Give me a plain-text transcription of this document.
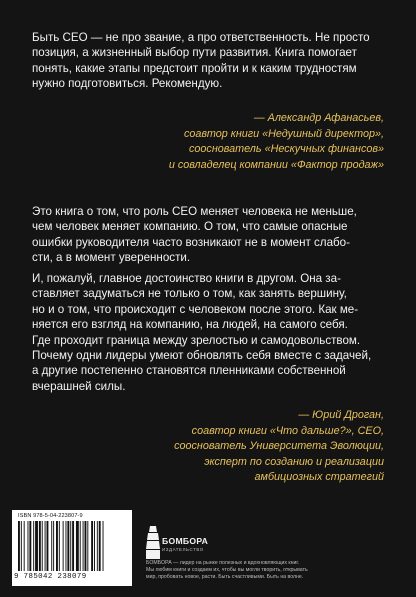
Быть CEO — не про звание, а про ответственность. Не просто
позиция, а жизненный выбор пути развития. Книга помогает
понять, какие этапы предстоит пройти и к каким трудностям
нужно подготовиться. Рекомендую.

— Александр Афанасьев,
соавтор книги «Недушный директор»,
сооснователь «Нескучных финансов»
и совладелец компании «Фактор продаж»

Это книга о том, что роль CEO меняет человека не меньше,
чем человек меняет компанию. О том, что самые опасные
ошибки руководителя часто возникают не в момент слабо-
сти, а в момент уверенности.

И, пожалуй, главное достоинство книги в другом. Она за-
ставляет задуматься не только о том, как занять вершину,
но и о том, что происходит с человеком после этого. Как ме-
няется его взгляд на компанию, на людей, на самого себя.
Где проходит граница между зрелостью и самодовольством.
Почему одни лидеры умеют обновлять себя вместе с задачей,
а другие постепенно становятся пленниками собственной
вчерашней силы.

— Юрий Дроган,
соавтор книги «Что дальше?», CEO,
сооснователь Университета Эволюции,
эксперт по созданию и реализации
амбициозных стратегий
ISBN 978-5-04-223807-9
9 785042 238079
БОМБОРА
ИЗДАТЕЛЬСТВО
БОМБОРА — лидер на рынке полезных и вдохновляющих книг.
Мы любим книги и создаем их, чтобы вы могли творить, открывать
мир, пробовать новое, расти. Быть счастливыми. Быть на волне.
